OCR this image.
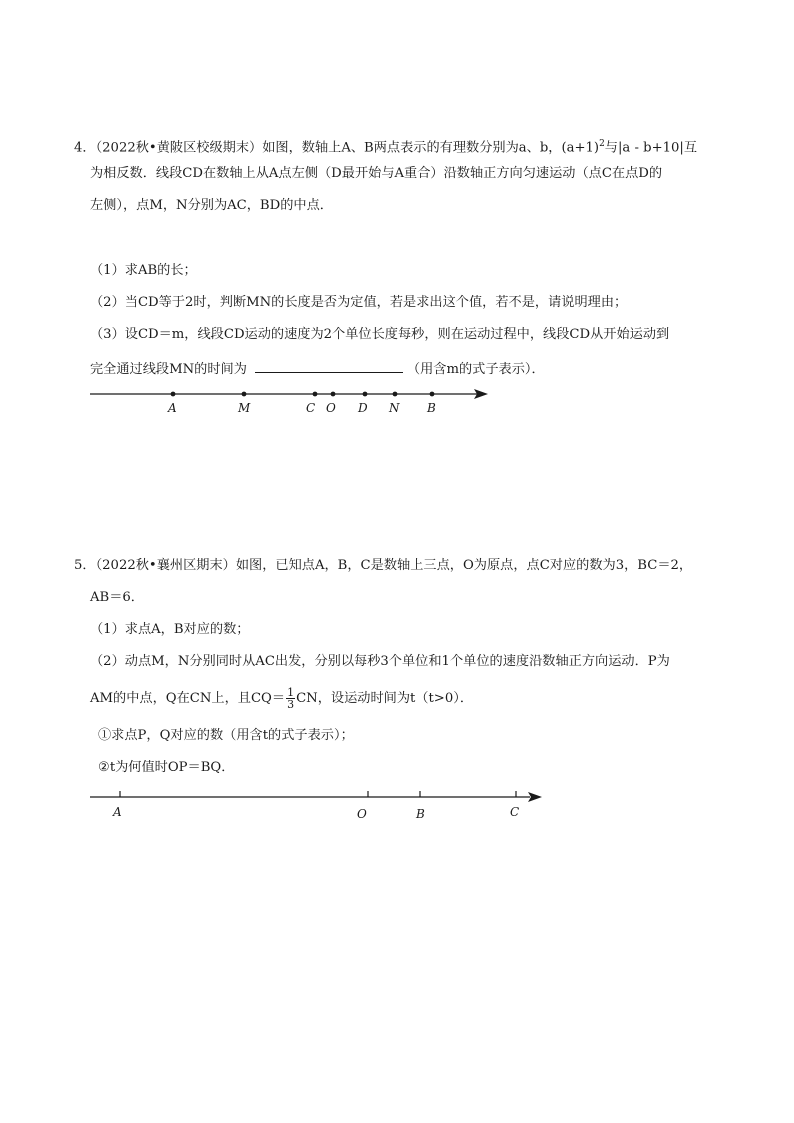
4．（2022秋•黄陂区校级期末）如图，数轴上A、B两点表示的有理数分别为a、b，$(a+1)^2$与|a - b+10|互
为相反数．线段CD在数轴上从A点左侧（D最开始与A重合）沿数轴正方向匀速运动（点C在点D的
左侧），点M，N分别为AC，BD的中点．
（1）求AB的长；
（2）当CD等于2时，判断MN的长度是否为定值，若是求出这个值，若不是，请说明理由；
（3）设CD＝m，线段CD运动的速度为2个单位长度每秒，则在运动过程中，线段CD从开始运动到
完全通过线段MN的时间为	（用含m的式子表示）．
A	M	C O D N B
5．（2022秋•襄州区期末）如图，已知点A，B，C是数轴上三点，O为原点，点C对应的数为3，BC＝2，
AB＝6．
（1）求点A，B对应的数；
（2）动点M，N分别同时从AC出发，分别以每秒3个单位和1个单位的速度沿数轴正方向运动．P为
AM的中点，Q在CN上，且$CQ= \frac{1}{3}$ CN，设运动时间为t（t>0）．
①求点P，Q对应的数（用含t的式子表示）；
②t为何值时OP＝BQ．
A	O	B	C
